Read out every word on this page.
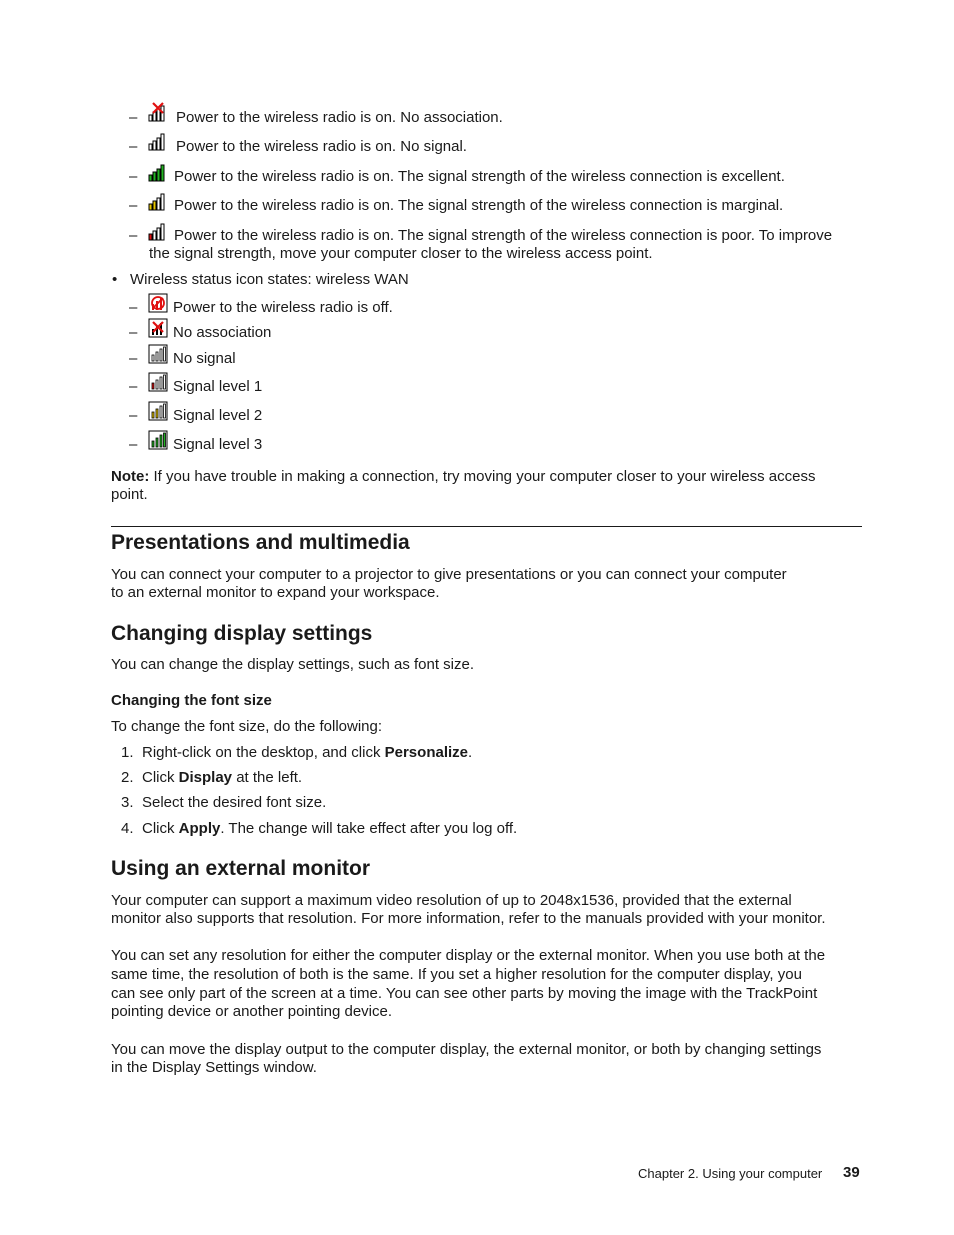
–	Power to the wireless radio is on. No association.
–	Power to the wireless radio is on. No signal.
– Power to the wireless radio is on. The signal strength of the wireless connection is excellent.
– Power to the wireless radio is on. The signal strength of the wireless connection is marginal.
– Power to the wireless radio is on. The signal strength of the wireless connection is poor. To improve
the signal strength, move your computer closer to the wireless access point.
• Wireless status icon states: wireless WAN
– Power to the wireless radio is off.
– No association
– No signal
– Signal level 1
– Signal level 2
– Signal level 3
Note: If you have trouble in making a connection, try moving your computer closer to your wireless access
point.
Presentations and multimedia
You can connect your computer to a projector to give presentations or you can connect your computer
to an external monitor to expand your workspace.
Changing display settings
You can change the display settings, such as font size.
Changing the font size
To change the font size, do the following:
1. Right-click on the desktop, and click Personalize.
2. Click Display at the left.
3. Select the desired font size.
4. Click Apply. The change will take effect after you log off.
Using an external monitor
Your computer can support a maximum video resolution of up to 2048x1536, provided that the external
monitor also supports that resolution. For more information, refer to the manuals provided with your monitor.
You can set any resolution for either the computer display or the external monitor. When you use both at the
same time, the resolution of both is the same. If you set a higher resolution for the computer display, you
can see only part of the screen at a time. You can see other parts by moving the image with the TrackPoint
pointing device or another pointing device.
You can move the display output to the computer display, the external monitor, or both by changing settings
in the Display Settings window.
Chapter 2. Using your computer 39
